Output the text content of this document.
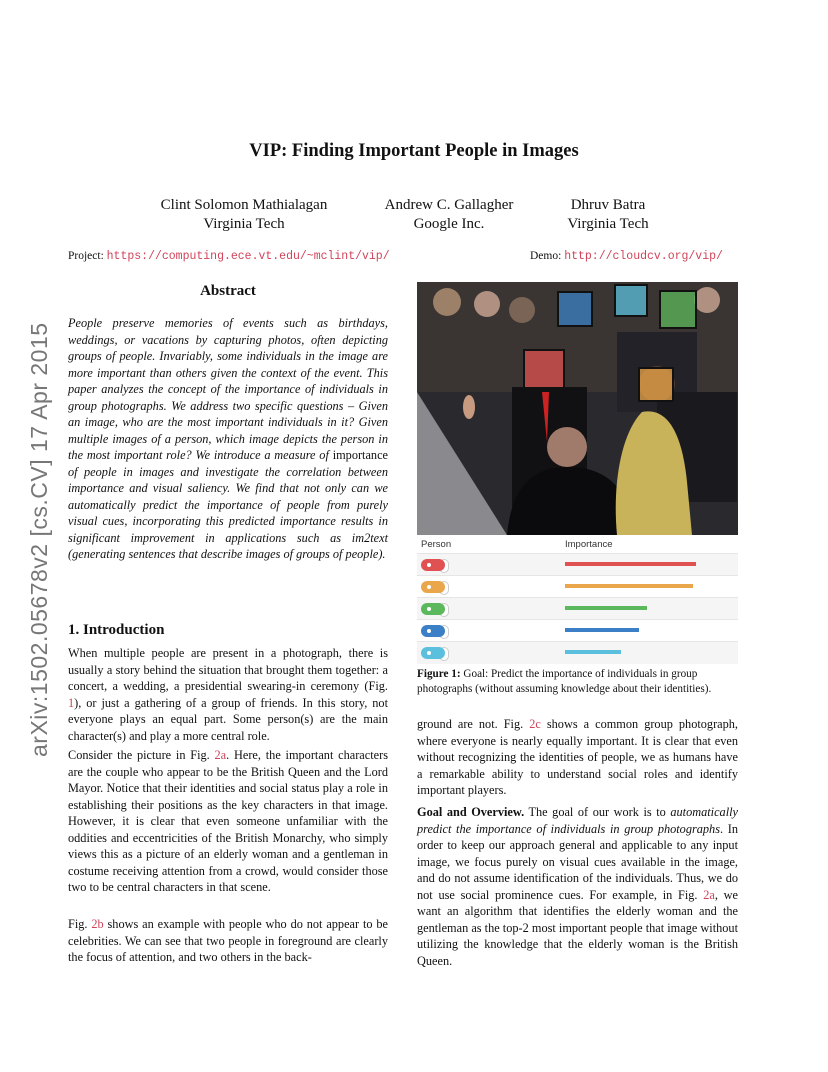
VIP: Finding Important People in Images
Clint Solomon Mathialagan
Virginia Tech
Andrew C. Gallagher
Google Inc.
Dhruv Batra
Virginia Tech
Project: https://computing.ece.vt.edu/~mclint/vip/	Demo: http://cloudcv.org/vip/
arXiv:1502.05678v2 [cs.CV] 17 Apr 2015
Abstract
People preserve memories of events such as birthdays, weddings, or vacations by capturing photos, often depicting groups of people. Invariably, some individuals in the image are more important than others given the context of the event. This paper analyzes the concept of the importance of individuals in group photographs. We address two specific questions – Given an image, who are the most important individuals in it? Given multiple images of a person, which image depicts the person in the most important role? We introduce a measure of importance of people in images and investigate the correlation between importance and visual saliency. We find that not only can we automatically predict the importance of people from purely visual cues, incorporating this predicted importance results in significant improvement in applications such as im2text (generating sentences that describe images of groups of people).
1. Introduction
When multiple people are present in a photograph, there is usually a story behind the situation that brought them together: a concert, a wedding, a presidential swearing-in ceremony (Fig. 1), or just a gathering of a group of friends. In this story, not everyone plays an equal part. Some person(s) are the main character(s) and play a more central role.
Consider the picture in Fig. 2a. Here, the important characters are the couple who appear to be the British Queen and the Lord Mayor. Notice that their identities and social status play a role in establishing their positions as the key characters in that image. However, it is clear that even someone unfamiliar with the oddities and eccentricities of the British Monarchy, who simply views this as a picture of an elderly woman and a gentleman in costume receiving attention from a crowd, would consider those two to be central characters in that scene.
Fig. 2b shows an example with people who do not appear to be celebrities. We can see that two people in foreground are clearly the focus of attention, and two others in the back-
Person	Importance
Figure 1: Goal: Predict the importance of individuals in group photographs (without assuming knowledge about their identities).
ground are not. Fig. 2c shows a common group photograph, where everyone is nearly equally important. It is clear that even without recognizing the identities of people, we as humans have a remarkable ability to understand social roles and identify important players.
Goal and Overview. The goal of our work is to automatically predict the importance of individuals in group photographs. In order to keep our approach general and applicable to any input image, we focus purely on visual cues available in the image, and do not assume identification of the individuals. Thus, we do not use social prominence cues. For example, in Fig. 2a, we want an algorithm that identifies the elderly woman and the gentleman as the top-2 most important people that image without utilizing the knowledge that the elderly woman is the British Queen.
